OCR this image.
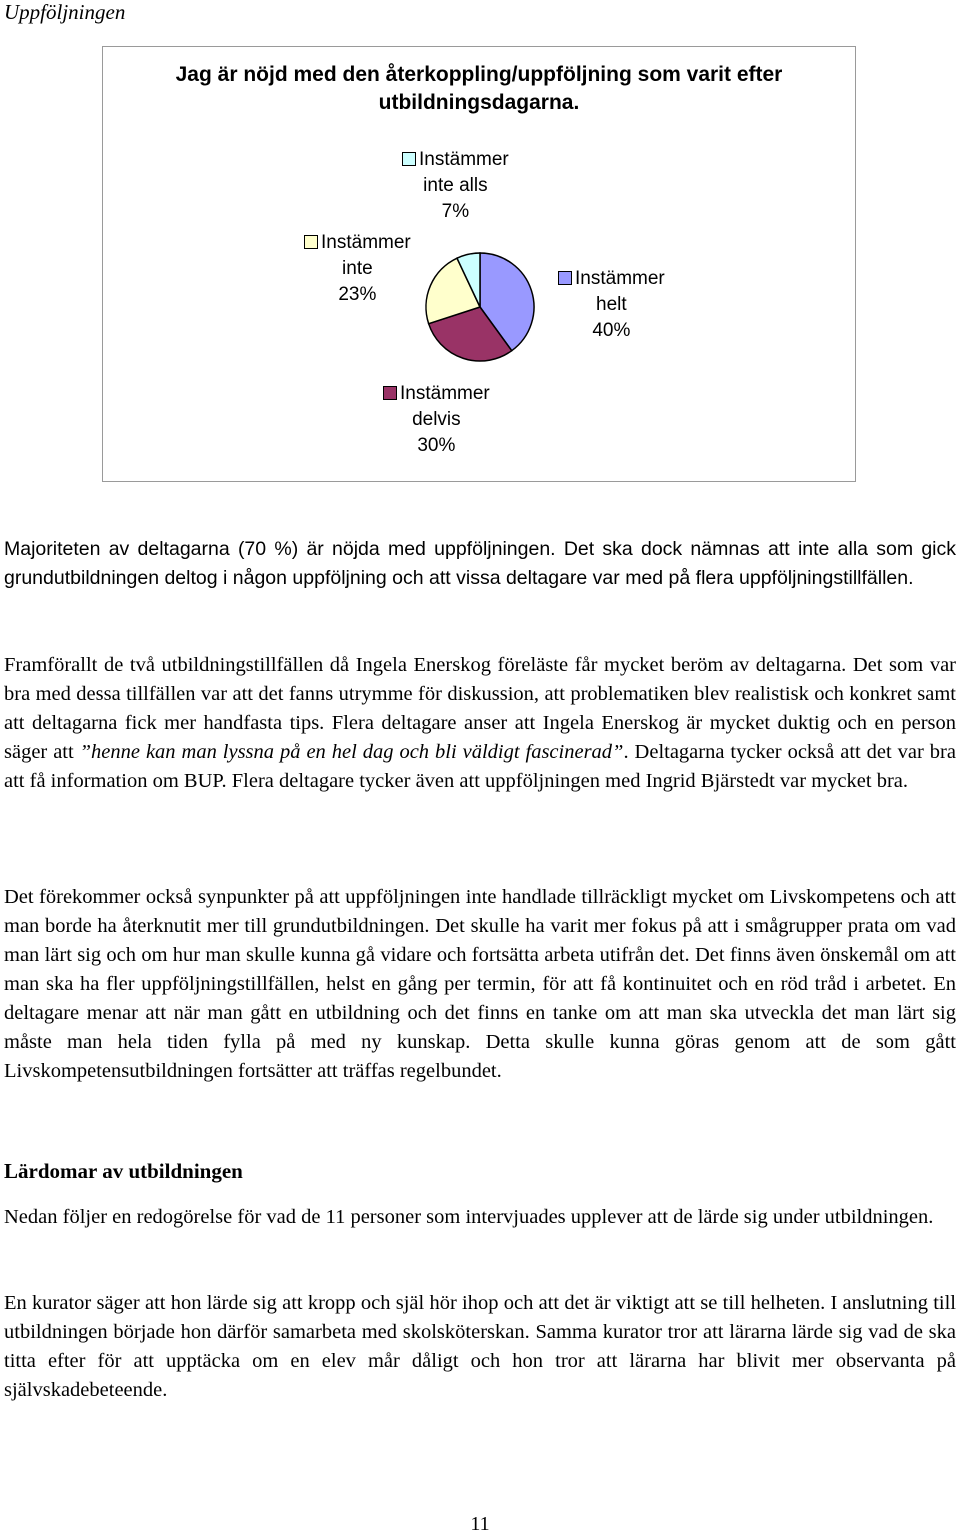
Uppföljningen
Jag är nöjd med den återkoppling/uppföljning som varit efter utbildningsdagarna.
Instämmer
helt
40%
Instämmer
delvis
30%
Instämmer
inte
23%
Instämmer
inte alls
7%
Majoriteten av deltagarna (70 %) är nöjda med uppföljningen. Det ska dock nämnas att inte alla som gick grundutbildningen deltog i någon uppföljning och att vissa deltagare var med på flera uppföljningstillfällen.
Framförallt de två utbildningstillfällen då Ingela Enerskog föreläste får mycket beröm av deltagarna. Det som var bra med dessa tillfällen var att det fanns utrymme för diskussion, att problematiken blev realistisk och konkret samt att deltagarna fick mer handfasta tips. Flera deltagare anser att Ingela Enerskog är mycket duktig och en person säger att ”henne kan man lyssna på en hel dag och bli väldigt fascinerad”. Deltagarna tycker också att det var bra att få information om BUP. Flera deltagare tycker även att uppföljningen med Ingrid Bjärstedt var mycket bra.
Det förekommer också synpunkter på att uppföljningen inte handlade tillräckligt mycket om Livskompetens och att man borde ha återknutit mer till grundutbildningen. Det skulle ha varit mer fokus på att i smågrupper prata om vad man lärt sig och om hur man skulle kunna gå vidare och fortsätta arbeta utifrån det. Det finns även önskemål om att man ska ha fler uppföljningstillfällen, helst en gång per termin, för att få kontinuitet och en röd tråd i arbetet. En deltagare menar att när man gått en utbildning och det finns en tanke om att man ska utveckla det man lärt sig måste man hela tiden fylla på med ny kunskap. Detta skulle kunna göras genom att de som gått Livskompetensutbildningen fortsätter att träffas regelbundet.
Lärdomar av utbildningen
Nedan följer en redogörelse för vad de 11 personer som intervjuades upplever att de lärde sig under utbildningen.
En kurator säger att hon lärde sig att kropp och själ hör ihop och att det är viktigt att se till helheten. I anslutning till utbildningen började hon därför samarbeta med skolsköterskan. Samma kurator tror att lärarna lärde sig vad de ska titta efter för att upptäcka om en elev mår dåligt och hon tror att lärarna har blivit mer observanta på självskadebeteende.
11
